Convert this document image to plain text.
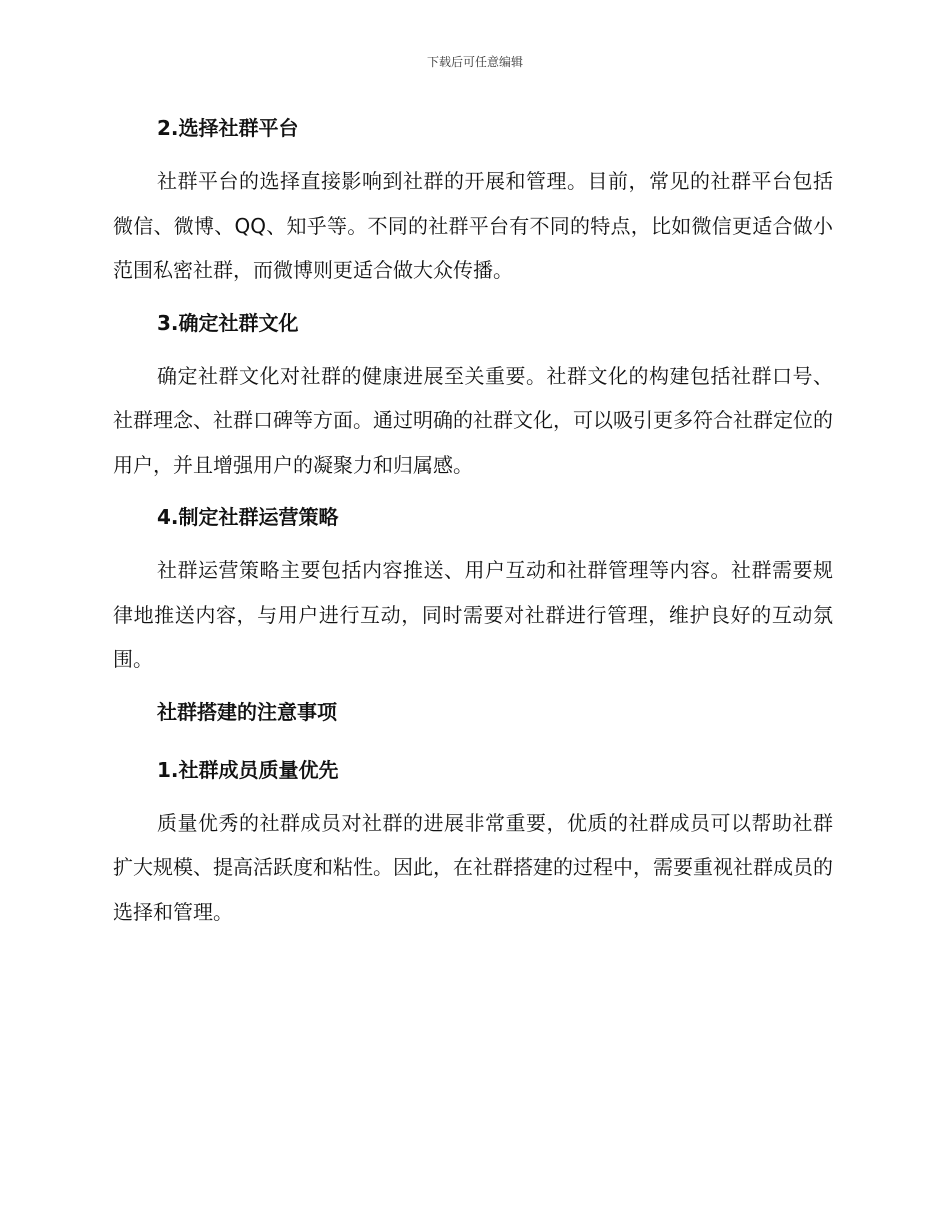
下载后可任意编辑
2.选择社群平台

社群平台的选择直接影响到社群的开展和管理。目前，常见的社群平台包括微信、微博、QQ、知乎等。不同的社群平台有不同的特点，比如微信更适合做小范围私密社群，而微博则更适合做大众传播。

3.确定社群文化

确定社群文化对社群的健康进展至关重要。社群文化的构建包括社群口号、社群理念、社群口碑等方面。通过明确的社群文化，可以吸引更多符合社群定位的用户，并且增强用户的凝聚力和归属感。

4.制定社群运营策略

社群运营策略主要包括内容推送、用户互动和社群管理等内容。社群需要规律地推送内容，与用户进行互动，同时需要对社群进行管理，维护良好的互动氛围。

社群搭建的注意事项
1.社群成员质量优先

质量优秀的社群成员对社群的进展非常重要，优质的社群成员可以帮助社群扩大规模、提高活跃度和粘性。因此，在社群搭建的过程中，需要重视社群成员的选择和管理。
